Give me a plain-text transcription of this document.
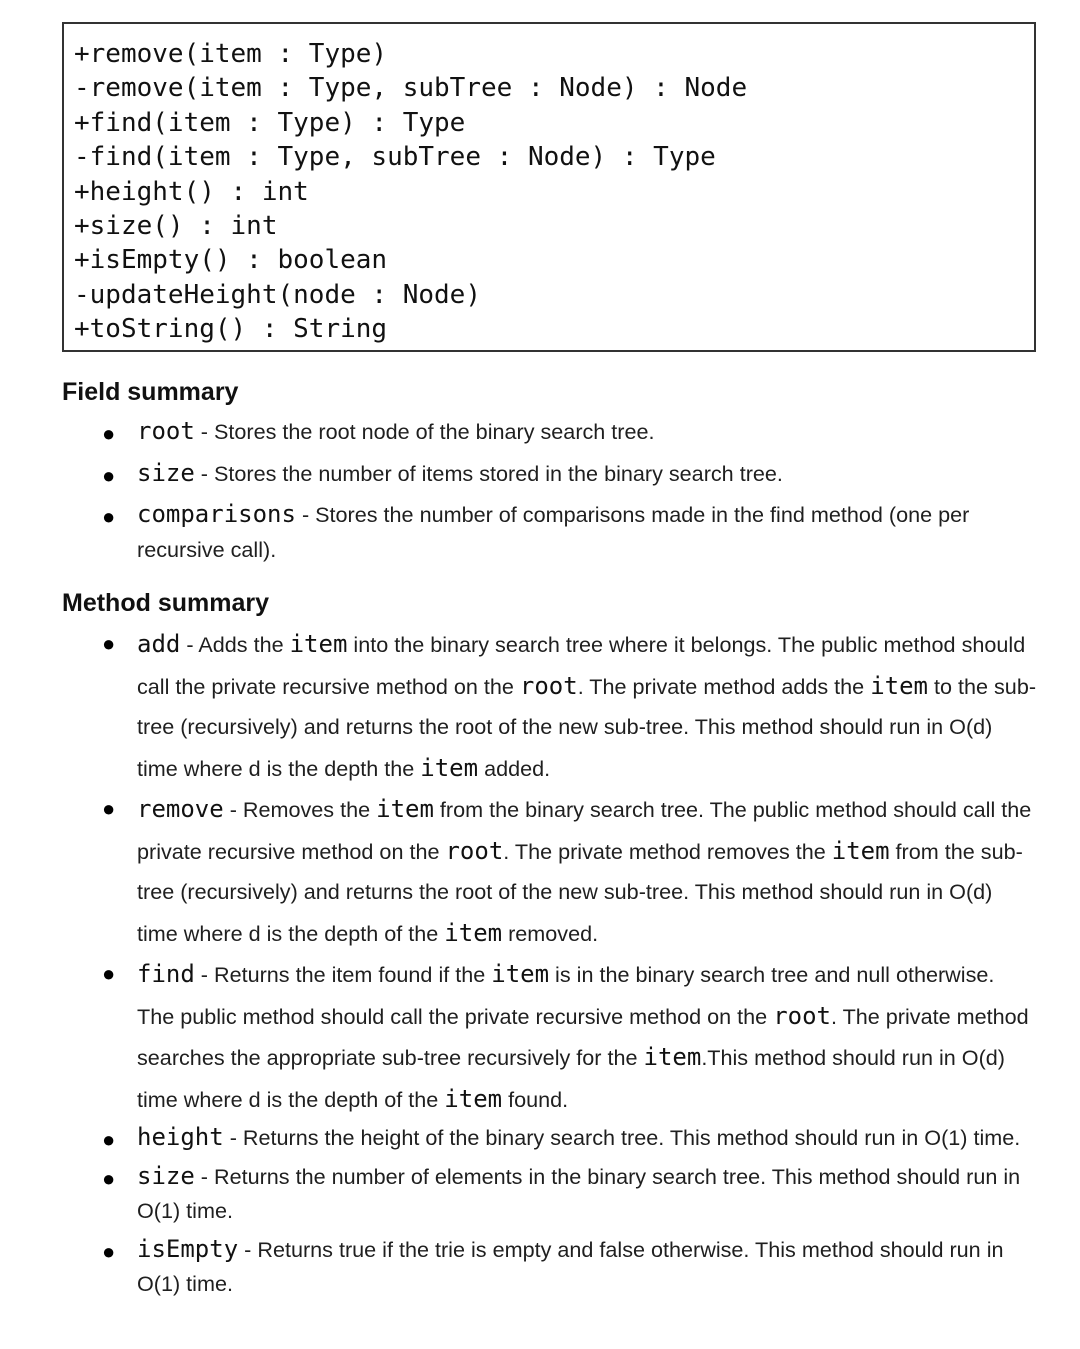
+remove(item : Type)
-remove(item : Type, subTree : Node) : Node
+find(item : Type) : Type
-find(item : Type, subTree : Node) : Type
+height() : int
+size() : int
+isEmpty() : boolean
-updateHeight(node : Node)
+toString() : String
Field summary
● root - Stores the root node of the binary search tree.
● size - Stores the number of items stored in the binary search tree.
● comparisons - Stores the number of comparisons made in the find method (one per recursive call).
Method summary
● add - Adds the item into the binary search tree where it belongs. The public method should call the private recursive method on the root. The private method adds the item to the sub-tree (recursively) and returns the root of the new sub-tree. This method should run in O(d) time where d is the depth the item added.
● remove - Removes the item from the binary search tree. The public method should call the private recursive method on the root. The private method removes the item from the sub-tree (recursively) and returns the root of the new sub-tree. This method should run in O(d) time where d is the depth of the item removed.
● find - Returns the item found if the item is in the binary search tree and null otherwise. The public method should call the private recursive method on the root. The private method searches the appropriate sub-tree recursively for the item.This method should run in O(d) time where d is the depth of the item found.
● height - Returns the height of the binary search tree. This method should run in O(1) time.
● size - Returns the number of elements in the binary search tree. This method should run in O(1) time.
● isEmpty - Returns true if the trie is empty and false otherwise. This method should run in O(1) time.
